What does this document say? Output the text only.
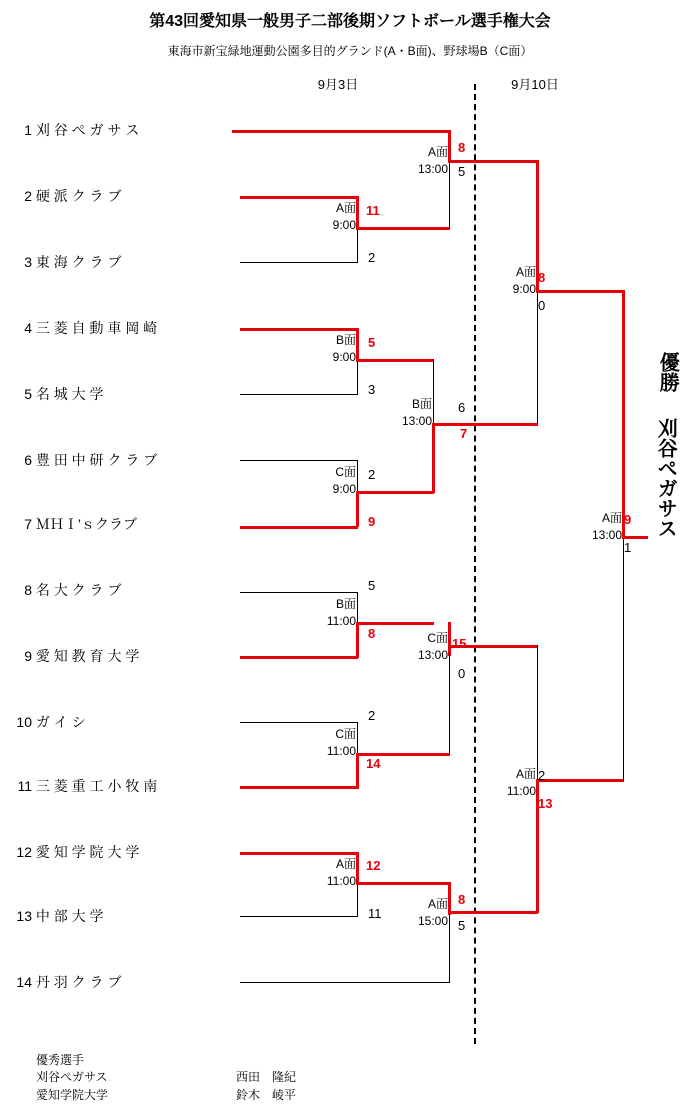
第43回愛知県一般男子二部後期ソフトボール選手権大会
東海市新宝緑地運動公園多目的グランド(A・B面)、野球場B（C面）
9月3日	9月10日
1 刈 谷 ぺ ガ サ ス
2 硬 派 ク ラ ブ
3 東 海 ク ラ ブ
4 三 菱 自 動 車 岡 崎
5 名 城 大 学
6 豊 田 中 研 ク ラ ブ
7 ＭＨＩ’ｓクラブ
8 名 大 ク ラ ブ
9 愛 知 教 育 大 学
10 ガ イ シ
11 三 菱 重 工 小 牧 南
12 愛 知 学 院 大 学
13 中 部 大 学
14 丹 羽 ク ラ ブ
A面
9:00
11
2
B面
9:00
5
3
C面
9:00
2
9
B面
11:00
5
8
C面
11:00
2
14
A面
11:00
12
11
A面
13:00
8
5
B面
13:00
6
7
C面
13:00
15
0
A面
15:00
8
5
A面
9:00
8
0
A面
11:00
2
13
A面
13:00
9
1
優勝
刈谷ぺガサス
優秀選手
刈谷ぺガサス	西田　隆紀
愛知学院大学	鈴木　崚平
